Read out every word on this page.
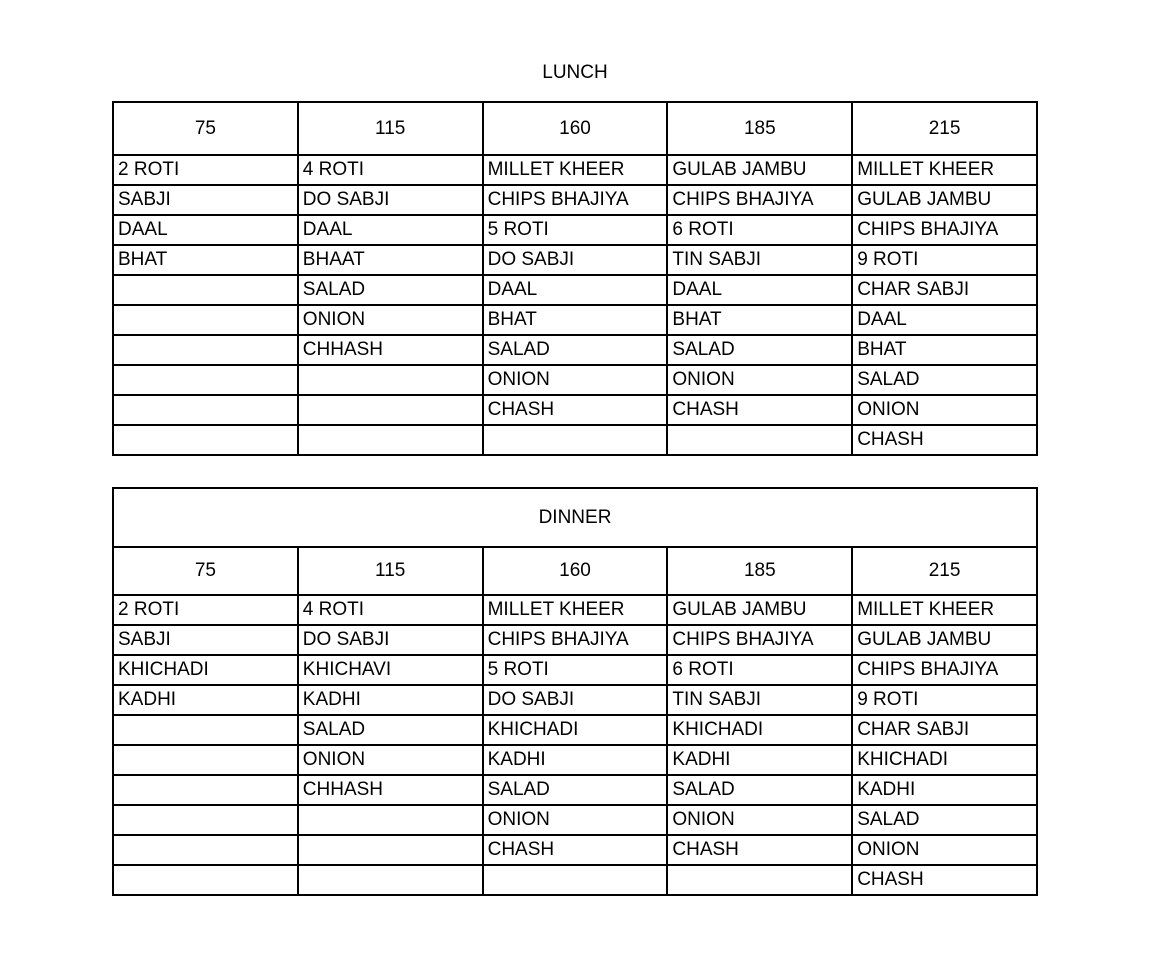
LUNCH
75	115	160	185	215
2 ROTI	4 ROTI	MILLET KHEER	GULAB JAMBU	MILLET KHEER
SABJI	DO SABJI	CHIPS BHAJIYA	CHIPS BHAJIYA	GULAB JAMBU
DAAL	DAAL	5 ROTI	6 ROTI	CHIPS BHAJIYA
BHAT	BHAAT	DO SABJI	TIN SABJI	9 ROTI
	SALAD	DAAL	DAAL	CHAR SABJI
	ONION	BHAT	BHAT	DAAL
	CHHASH	SALAD	SALAD	BHAT
		ONION	ONION	SALAD
		CHASH	CHASH	ONION
				CHASH
DINNER				
75	115	160	185	215
2 ROTI	4 ROTI	MILLET KHEER	GULAB JAMBU	MILLET KHEER
SABJI	DO SABJI	CHIPS BHAJIYA	CHIPS BHAJIYA	GULAB JAMBU
KHICHADI	KHICHAVI	5 ROTI	6 ROTI	CHIPS BHAJIYA
KADHI	KADHI	DO SABJI	TIN SABJI	9 ROTI
	SALAD	KHICHADI	KHICHADI	CHAR SABJI
	ONION	KADHI	KADHI	KHICHADI
	CHHASH	SALAD	SALAD	KADHI
		ONION	ONION	SALAD
		CHASH	CHASH	ONION
				CHASH
